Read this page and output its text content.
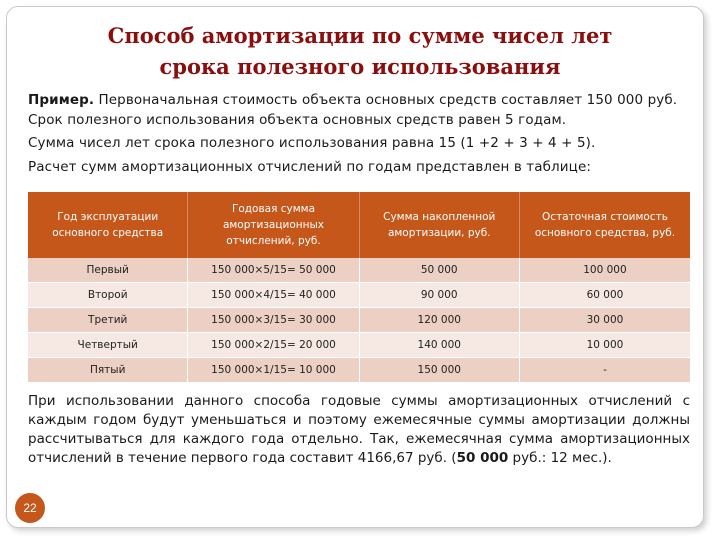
Способ амортизации по сумме чисел лет
срока полезного использования
Пример. Первоначальная стоимость объекта основных средств составляет 150 000 руб. Срок полезного использования объекта основных средств равен 5 годам.
Сумма чисел лет срока полезного использования равна 15 (1 +2 + 3 + 4 + 5).
Расчет сумм амортизационных отчислений по годам представлен в таблице:
Год эксплуатации основного средства	Годовая сумма амортизационных отчислений, руб.	Сумма накопленной амортизации, руб.	Остаточная стоимость основного средства, руб.
Первый	150 000×5/15= 50 000	50 000	100 000
Второй	150 000×4/15= 40 000	90 000	60 000
Третий	150 000×3/15= 30 000	120 000	30 000
Четвертый	150 000×2/15= 20 000	140 000	10 000
Пятый	150 000×1/15= 10 000	150 000	-
При использовании данного способа годовые суммы амортизационных отчислений с каждым годом будут уменьшаться и поэтому ежемесячные суммы амортизации должны рассчитываться для каждого года отдельно. Так, ежемесячная сумма амортизационных отчислений в течение первого года составит 4166,67 руб. (50 000 руб.: 12 мес.).
22
